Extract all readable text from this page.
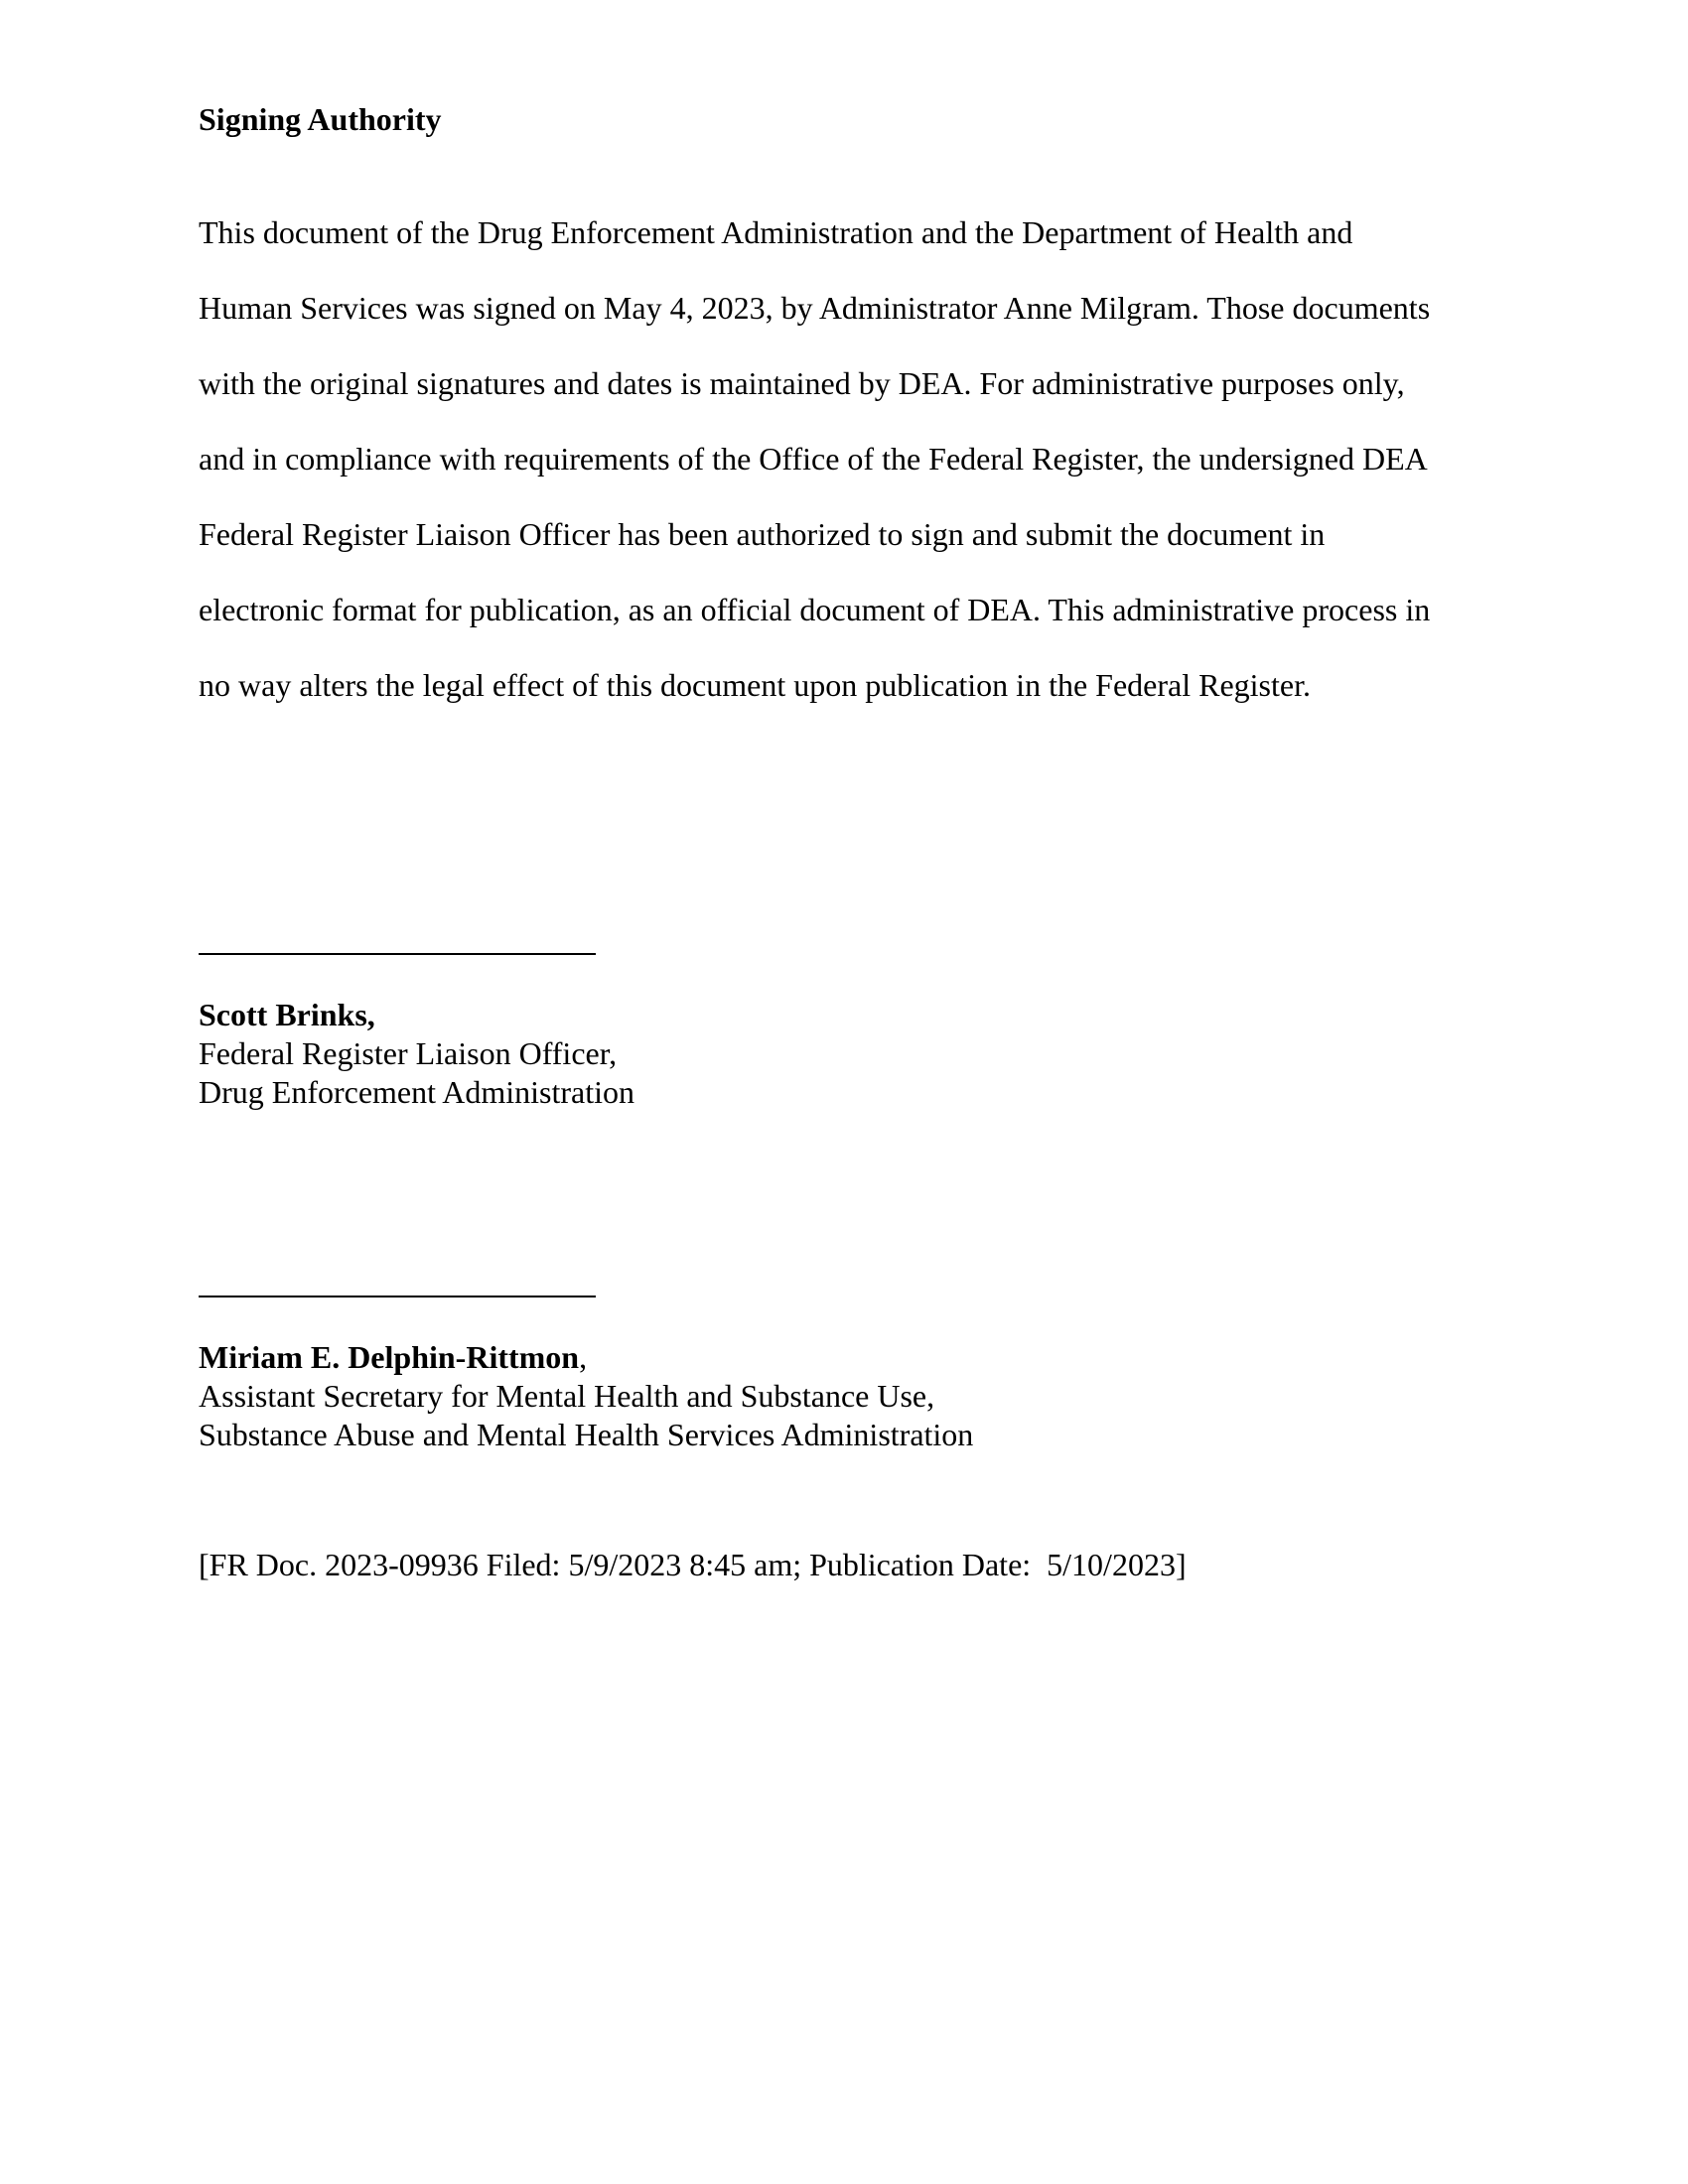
Signing Authority
This document of the Drug Enforcement Administration and the Department of Health and
Human Services was signed on May 4, 2023, by Administrator Anne Milgram. Those documents
with the original signatures and dates is maintained by DEA. For administrative purposes only,
and in compliance with requirements of the Office of the Federal Register, the undersigned DEA
Federal Register Liaison Officer has been authorized to sign and submit the document in
electronic format for publication, as an official document of DEA. This administrative process in
no way alters the legal effect of this document upon publication in the Federal Register.
Scott Brinks,
Federal Register Liaison Officer,
Drug Enforcement Administration
Miriam E. Delphin-Rittmon,
Assistant Secretary for Mental Health and Substance Use,
Substance Abuse and Mental Health Services Administration
[FR Doc. 2023-09936 Filed: 5/9/2023 8:45 am; Publication Date:  5/10/2023]
